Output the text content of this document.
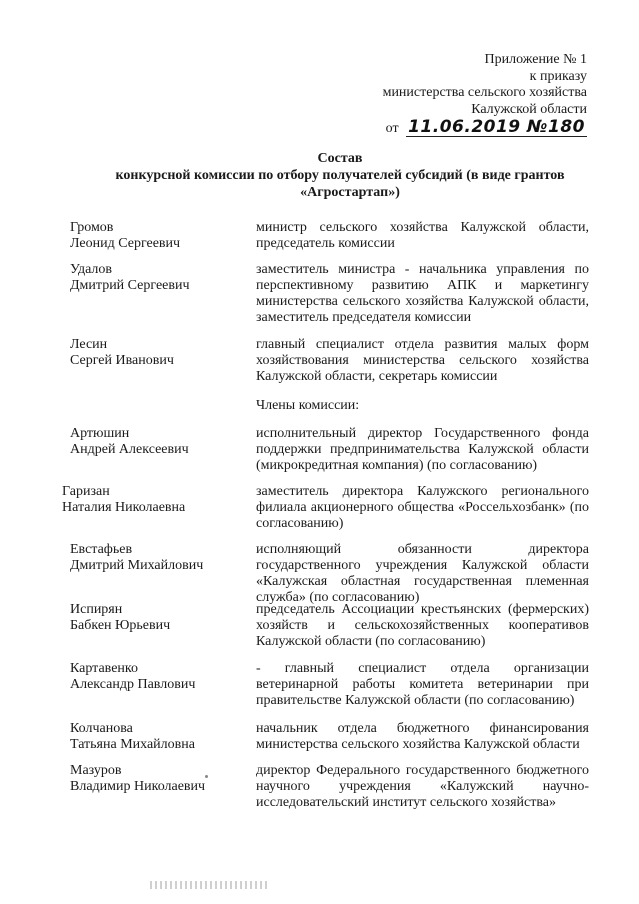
Приложение № 1
к приказу
министерства сельского хозяйства
Калужской области
от 11.06.2019 №180
Состав
конкурсной комиссии по отбору получателей субсидий (в виде грантов
«Агростартап»)
Громов
Леонид Сергеевич
министр сельского хозяйства Калужской области, председатель комиссии
Удалов
Дмитрий Сергеевич
заместитель министра - начальника управления по перспективному развитию АПК и маркетингу министерства сельского хозяйства Калужской области, заместитель председателя комиссии
Лесин
Сергей Иванович
главный специалист отдела развития малых форм хозяйствования министерства сельского хозяйства Калужской области, секретарь комиссии
Члены комиссии:
Артюшин
Андрей Алексеевич
исполнительный директор Государственного фонда поддержки предпринимательства Калужской области (микрокредитная компания) (по согласованию)
Гаризан
Наталия Николаевна
заместитель директора Калужского регионального филиала акционерного общества «Россельхозбанк» (по согласованию)
Евстафьев
Дмитрий Михайлович
исполняющий обязанности директора государственного учреждения Калужской области «Калужская областная государственная племенная служба» (по согласованию)
Испирян
Бабкен Юрьевич
председатель Ассоциации крестьянских (фермерских) хозяйств и сельскохозяйственных кооперативов Калужской области (по согласованию)
Картавенко
Александр Павлович
- главный специалист отдела организации ветеринарной работы комитета ветеринарии при правительстве Калужской области (по согласованию)
Колчанова
Татьяна Михайловна
начальник отдела бюджетного финансирования министерства сельского хозяйства Калужской области
Мазуров
Владимир Николаевич
директор Федерального государственного бюджетного научного учреждения «Калужский научно-исследовательский институт сельского хозяйства»
